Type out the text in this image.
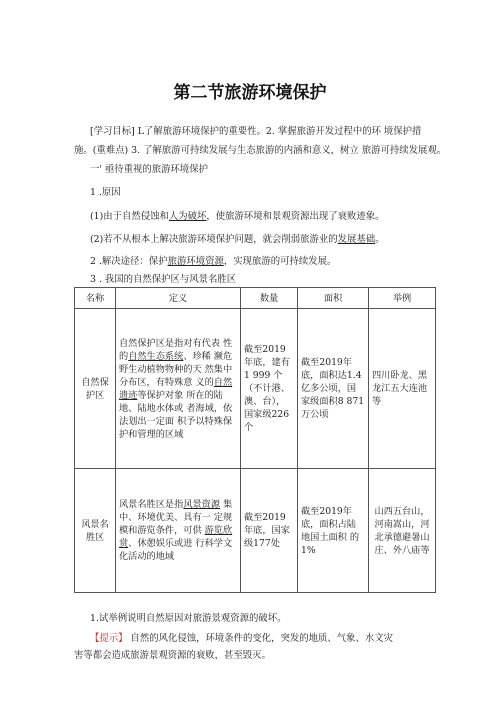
第二节旅游环境保护
[学习目标] L了解旅游环境保护的重要性。2. 掌握旅游开发过程中的环 境保护措
施。(重难点) 3. 了解旅游可持续发展与生态旅游的内涵和意义，树立 旅游可持续发展观。
一' 亟待重视的旅游环境保护
1 .原因
(1)由于自然侵蚀和人为破坏，使旅游环境和景观资源出现了衰败迹象。
(2)若不从根本上解决旅游环境保护问题，就会削弱旅游业的发展基础。
2 .解决途径：保护旅游环境资源，实现旅游的可持续发展。
3 . 我国的自然保护区与风景名胜区
名称	定义	数量	面积	举例
自然保护区	自然保护区是指对有代表 性的自然生态系统、珍稀 濒危野生动植物物种的天 然集中分布区，有特殊意 义的自然遗迹等保护对象 所在的陆地、陆地水体或 者海域，依法划出一定面 积予以特殊保护和管理的区域	截至2019 年底，建有1 999 个（不计港、澳、台），国家级226 个	截至2019年 底，面积达1.4 亿多公顷，国 家级面积8 871万公顷	四川卧龙、黑龙江五大连池等
风景名 胜区	风景名胜区是指风景资源 集中、环境优美、具有一 定规模和游览条件，可供 游览欣赏、休憩娱乐或进 行科学文化活动的地域	截至2019 年底，国家级177处	截至2019年底，面积占陆地国土面积 的1%	山西五台山，河南嵩山，河北承德避暑山庄、外八庙等
1.试举例说明自然原因对旅游景观资源的破坏。
【提示】 自然的风化侵蚀，环境条件的变化，突发的地质、气象、水文灾
害等都会造成旅游景观资源的衰败，甚至毁灭。
